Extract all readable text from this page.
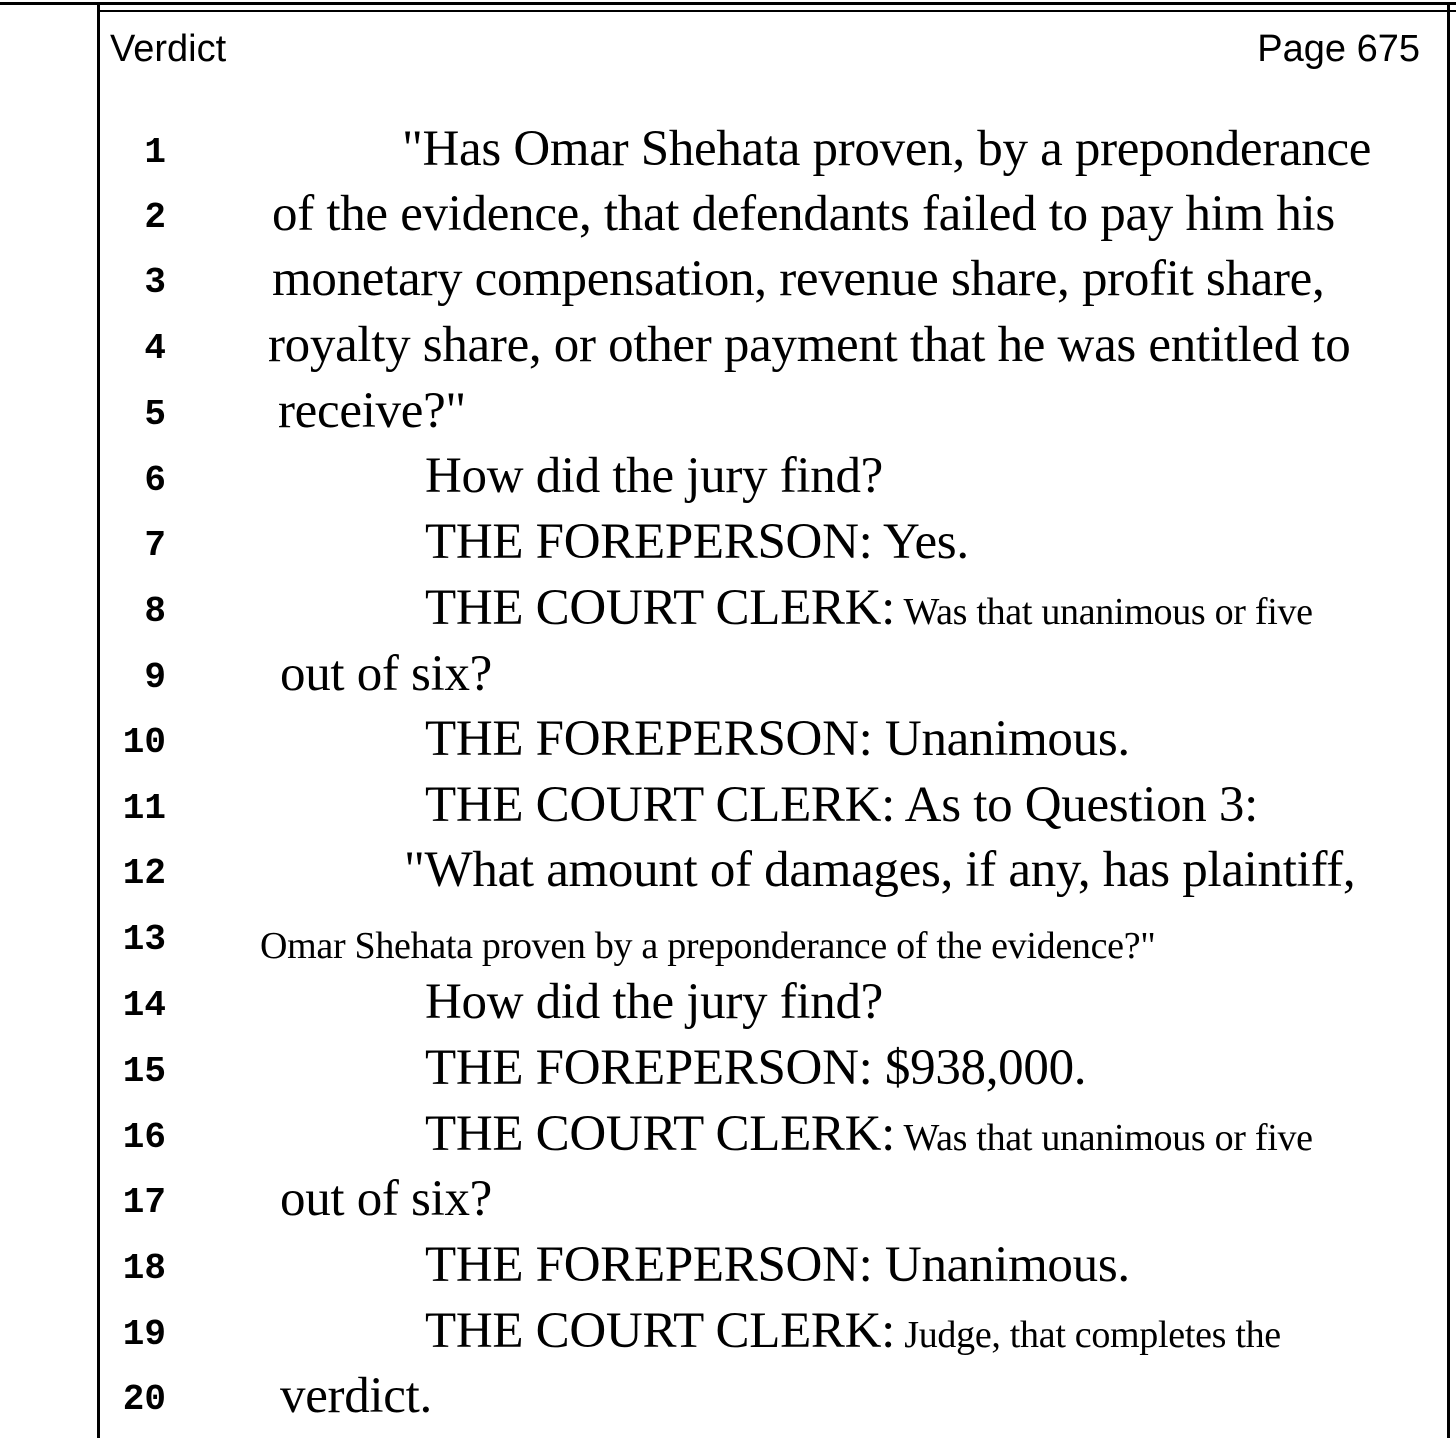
Verdict	Page 675
1	"Has Omar Shehata proven, by a preponderance
2 of the evidence, that defendants failed to pay him his
3 monetary compensation, revenue share, profit share,
4 royalty share, or other payment that he was entitled to
5 receive?"
6	How did the jury find?
7	THE FOREPERSON: Yes.
8	THE COURT CLERK: Was that unanimous or five
9 out of six?
10	THE FOREPERSON: Unanimous.
11	THE COURT CLERK: As to Question 3:
12	"What amount of damages, if any, has plaintiff,
13 Omar Shehata proven by a preponderance of the evidence?"
14	How did the jury find?
15	THE FOREPERSON: $938,000.
16	THE COURT CLERK: Was that unanimous or five
17 out of six?
18	THE FOREPERSON: Unanimous.
19	THE COURT CLERK: Judge, that completes the
20 verdict.
